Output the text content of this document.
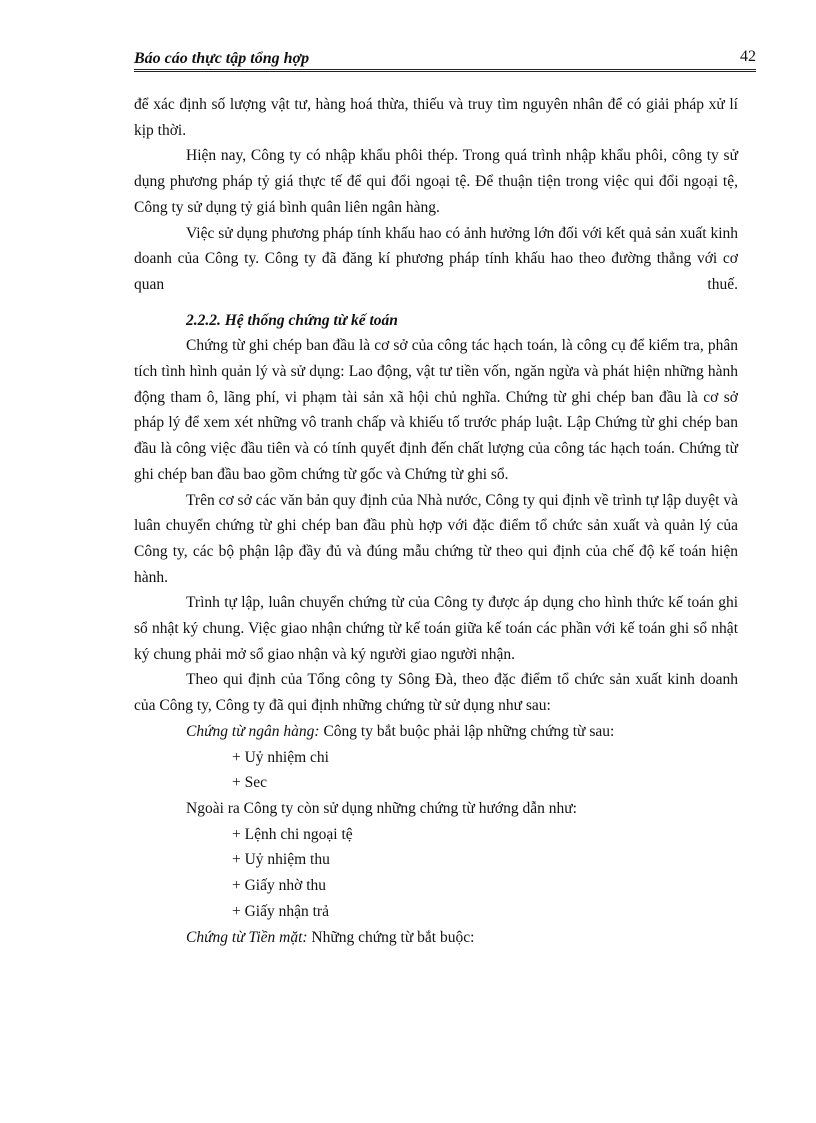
Báo cáo thực tập tổng hợp	42

để xác định số lượng vật tư, hàng hoá thừa, thiếu và truy tìm nguyên nhân để có giải pháp xử lí kịp thời.

Hiện nay, Công ty có nhập khẩu phôi thép. Trong quá trình nhập khẩu phôi, công ty sử dụng phương pháp tỷ giá thực tế để qui đổi ngoại tệ. Để thuận tiện trong việc qui đổi ngoại tệ, Công ty sử dụng tỷ giá bình quân liên ngân hàng.

Việc sử dụng phương pháp tính khấu hao có ảnh hưởng lớn đối với kết quả sản xuất kinh doanh của Công ty. Công ty đã đăng kí phương pháp tính khấu hao theo đường thẳng với cơ quan thuế.

2.2.2. Hệ thống chứng từ kế toán

Chứng từ ghi chép ban đầu là cơ sở của công tác hạch toán, là công cụ để kiểm tra, phân tích tình hình quản lý và sử dụng: Lao động, vật tư tiền vốn, ngăn ngừa và phát hiện những hành động tham ô, lãng phí, vi phạm tài sản xã hội chủ nghĩa. Chứng từ ghi chép ban đầu là cơ sở pháp lý để xem xét những vô tranh chấp và khiếu tố trước pháp luật. Lập Chứng từ ghi chép ban đầu là công việc đầu tiên và có tính quyết định đến chất lượng của công tác hạch toán. Chứng từ ghi chép ban đầu bao gồm chứng từ gốc và Chứng từ ghi sổ.

Trên cơ sở các văn bản quy định của Nhà nước, Công ty qui định về trình tự lập duyệt và luân chuyển chứng từ ghi chép ban đầu phù hợp với đặc điểm tổ chức sản xuất và quản lý của Công ty, các bộ phận lập đầy đủ và đúng mẫu chứng từ theo qui định của chế độ kế toán hiện hành.

Trình tự lập, luân chuyển chứng từ của Công ty được áp dụng cho hình thức kế toán ghi sổ nhật ký chung. Việc giao nhận chứng từ kế toán giữa kế toán các phần với kế toán ghi sổ nhật ký chung phải mở sổ giao nhận và ký người giao người nhận.

Theo qui định của Tổng công ty Sông Đà, theo đặc điểm tổ chức sản xuất kinh doanh của Công ty, Công ty đã qui định những chứng từ sử dụng như sau:

Chứng từ ngân hàng: Công ty bắt buộc phải lập những chứng từ sau:

+ Uỷ nhiệm chi

+ Sec

Ngoài ra Công ty còn sử dụng những chứng từ hướng dẫn như:

+ Lệnh chi ngoại tệ

+ Uỷ nhiệm thu

+ Giấy nhờ thu

+ Giấy nhận trả

Chứng từ Tiền mặt: Những chứng từ bắt buộc:
